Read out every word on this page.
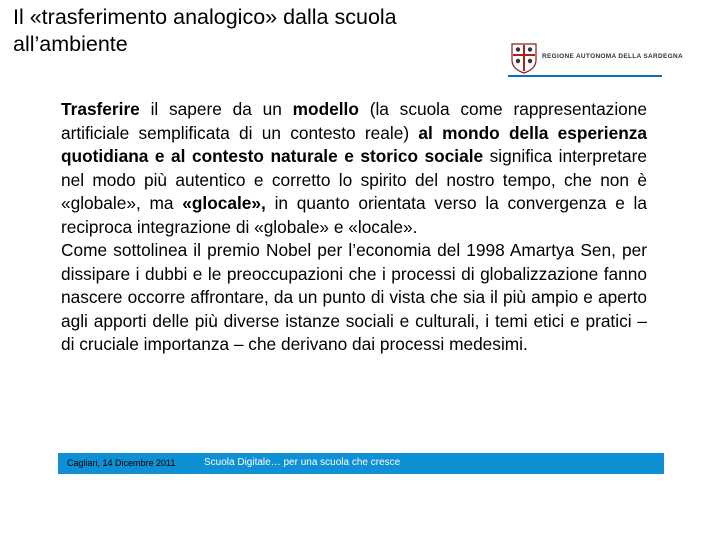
Il «trasferimento analogico» dalla scuola all’ambiente
REGIONE AUTONOMA DELLA SARDEGNA

Trasferire il sapere da un modello (la scuola come rappresentazione artificiale semplificata di un contesto reale) al mondo della esperienza quotidiana e al contesto naturale e storico sociale significa interpretare nel modo più autentico e corretto lo spirito del nostro tempo, che non è «globale», ma «glocale», in quanto orientata verso la convergenza e la reciproca integrazione di «globale» e «locale».

Come sottolinea il premio Nobel per l’economia del 1998 Amartya Sen, per dissipare i dubbi e le preoccupazioni che i processi di globalizzazione fanno nascere occorre affrontare, da un punto di vista che sia il più ampio e aperto agli apporti delle più diverse istanze sociali e culturali, i temi etici e pratici – di cruciale importanza – che derivano dai processi medesimi.

Cagliari, 14 Dicembre 2011	Scuola Digitale… per una scuola che cresce
